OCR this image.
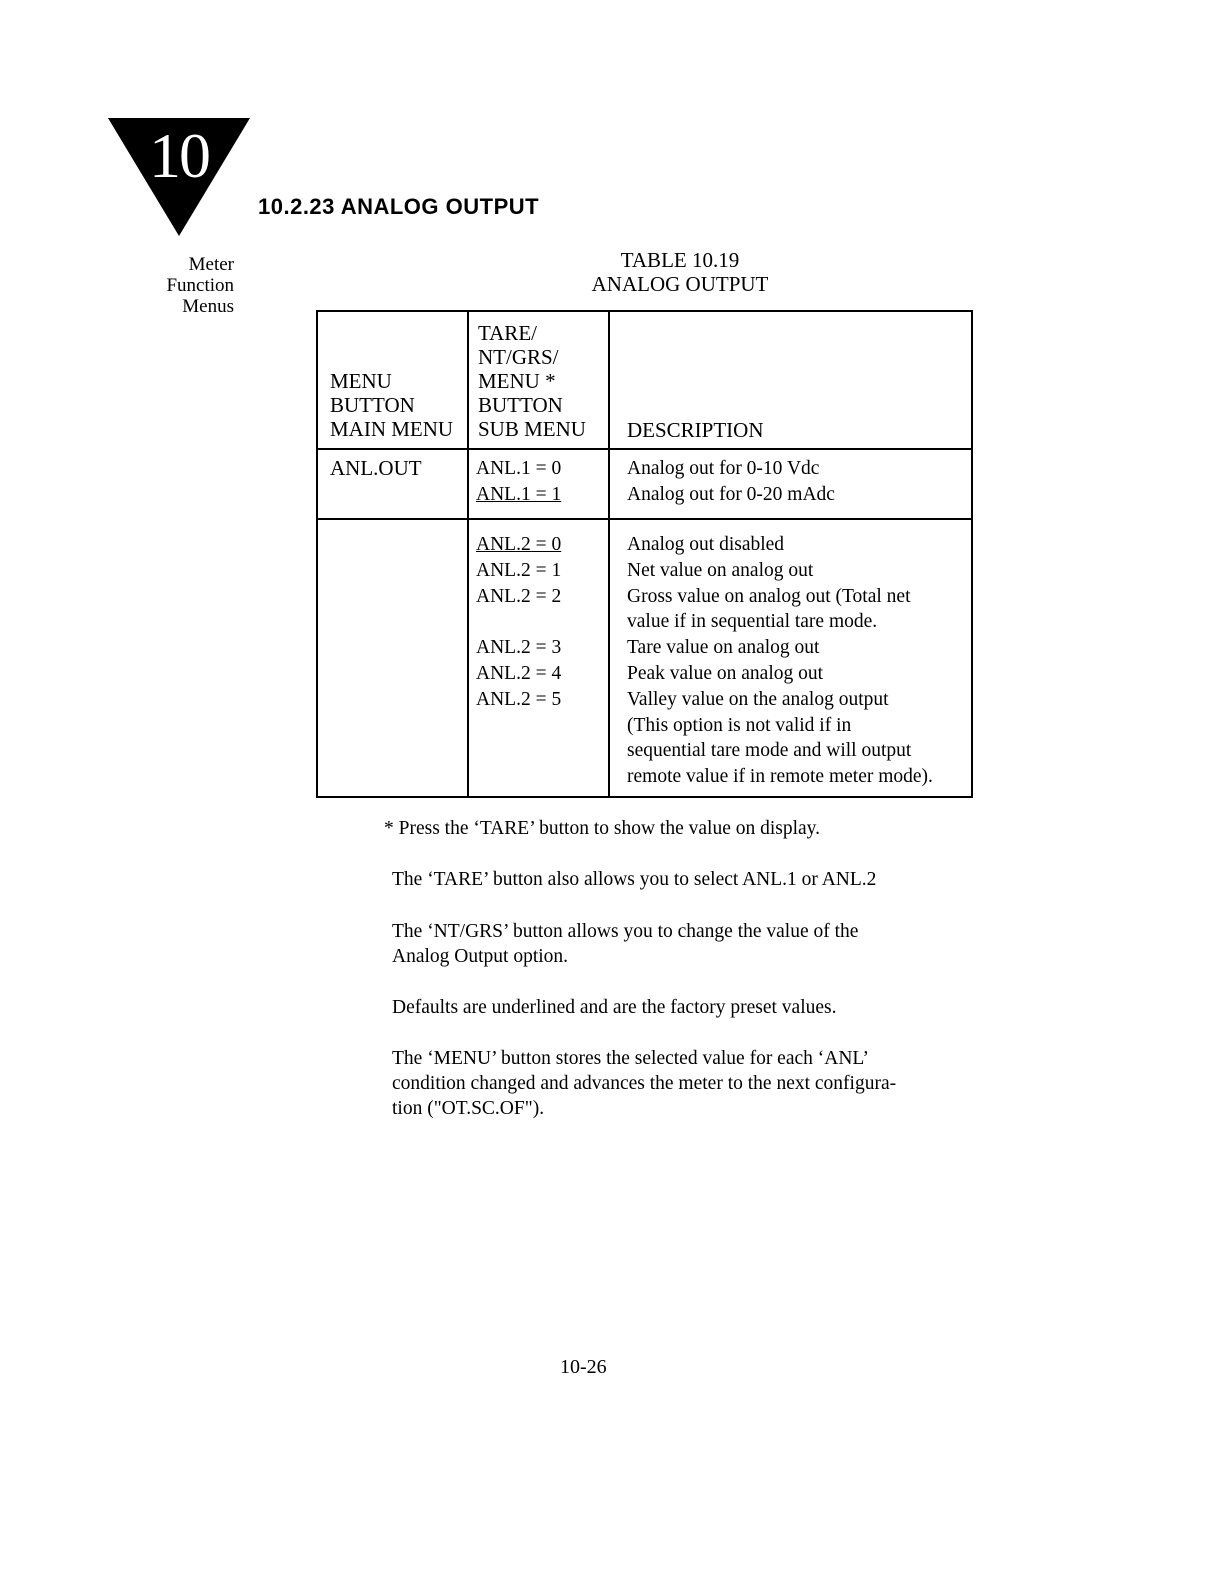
10
10.2.23 ANALOG OUTPUT
Meter
Function
Menus
TABLE 10.19
ANALOG OUTPUT
MENU
BUTTON
MAIN MENU
TARE/
NT/GRS/
MENU *
BUTTON
SUB MENU DESCRIPTION
ANL.OUT	ANL.1 = 0
ANL.1 = 1
Analog out for 0-10 Vdc
Analog out for 0-20 mAdc
ANL.2 = 0
ANL.2 = 1
ANL.2 = 2
ANL.2 = 3
ANL.2 = 4
ANL.2 = 5
Analog out disabled
Net value on analog out
Gross value on analog out (Total net
value if in sequential tare mode.
Tare value on analog out
Peak value on analog out
Valley value on the analog output
(This option is not valid if in
sequential tare mode and will output
remote value if in remote meter mode).
* Press the ‘TARE’ button to show the value on display.
The ‘TARE’ button also allows you to select ANL.1 or ANL.2
The ‘NT/GRS’ button allows you to change the value of the
Analog Output option.
Defaults are underlined and are the factory preset values.
The ‘MENU’ button stores the selected value for each ‘ANL’
condition changed and advances the meter to the next configura-
tion ("OT.SC.OF").
10-26
